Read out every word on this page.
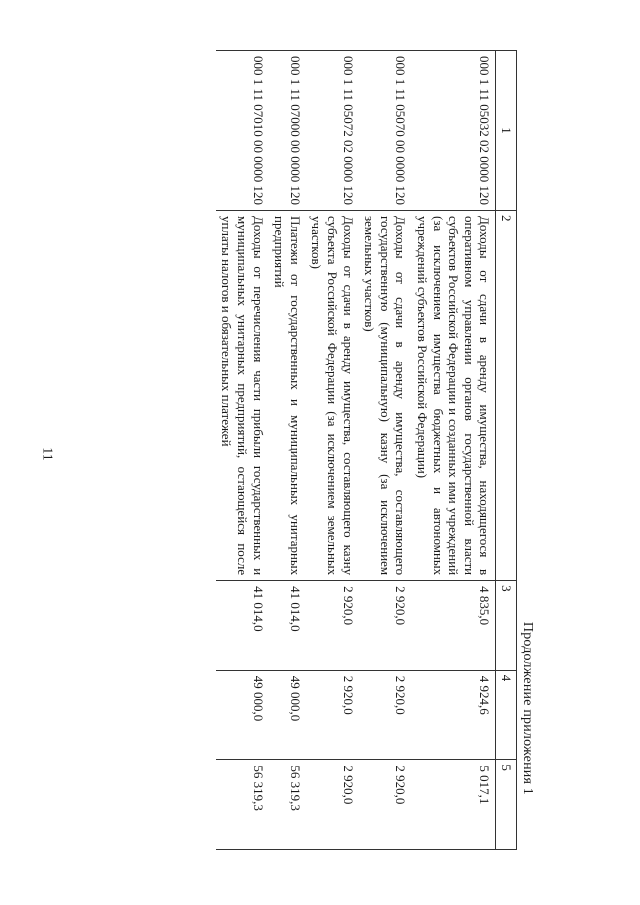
11
Продолжение приложения 1
1	2	3	4	5
000 1 11 05032 02 0000 120	Доходы от сдачи в аренду имущества, находящегося в оперативном управлении органов государственной власти субъектов Российской Федерации и созданных ими учреждений (за исключением имущества бюджетных и автономных учреждений субъектов Российской Федерации)	4 835,0	4 924,6	5 017,1
000 1 11 05070 00 0000 120	Доходы от сдачи в аренду имущества, составляющего государственную (муниципальную) казну (за исключением земельных участков)	2 920,0	2 920,0	2 920,0
000 1 11 05072 02 0000 120	Доходы от сдачи в аренду имущества, составляющего казну субъекта Российской Федерации (за исключением земельных участков)	2 920,0	2 920,0	2 920,0
000 1 11 07000 00 0000 120	Платежи от государственных и муниципальных унитарных предприятий	41 014,0	49 000,0	56 319,3
000 1 11 07010 00 0000 120	Доходы от перечисления части прибыли государственных и муниципальных унитарных предприятий, остающейся после уплаты налогов и обязательных платежей	41 014,0	49 000,0	56 319,3
